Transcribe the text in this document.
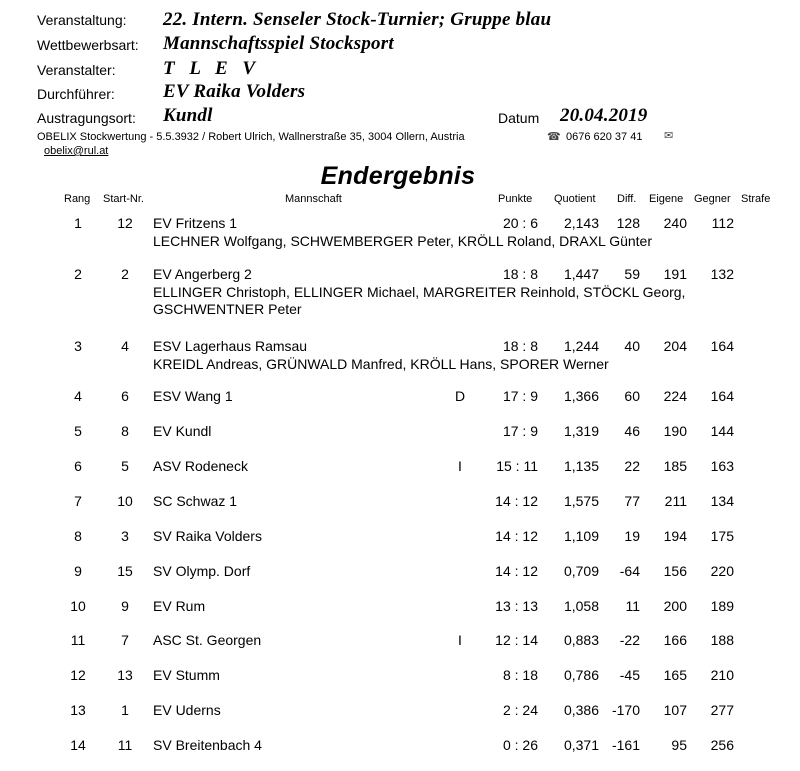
Veranstaltung: 22. Intern. Senseler Stock-Turnier; Gruppe blau
Wettbewerbsart: Mannschaftsspiel Stocksport
Veranstalter: T L E V
Durchführer:	EV Raika Volders
Austragungsort: Kundl	Datum 20.04.2019
OBELIX Stockwertung - 5.5.3932 / Robert Ulrich, Wallnerstraße 35, 3004 Ollern, Austria	☎ 0676 620 37 41 ✉
obelix@rul.at
Endergebnis
Rang Start-Nr.	Mannschaft	Punkte Quotient Diff. Eigene Gegner Strafe
1	12	EV Fritzens 1	20 : 6	2,143	128	240	112
LECHNER Wolfgang, SCHWEMBERGER Peter, KRÖLL Roland, DRAXL Günter
2	2	EV Angerberg 2	18 : 8	1,447	59	191	132
ELLINGER Christoph, ELLINGER Michael, MARGREITER Reinhold, STÖCKL Georg, GSCHWENTNER Peter
3	4	ESV Lagerhaus Ramsau	18 : 8	1,244	40	204	164
KREIDL Andreas, GRÜNWALD Manfred, KRÖLL Hans, SPORER Werner
4	6	ESV Wang 1	D	17 : 9	1,366	60	224	164
5	8	EV Kundl	17 : 9	1,319	46	190	144
6	5	ASV Rodeneck	I	15 : 11	1,135	22	185	163
7	10	SC Schwaz 1	14 : 12	1,575	77	211	134
8	3	SV Raika Volders	14 : 12	1,109	19	194	175
9	15	SV Olymp. Dorf	14 : 12	0,709	-64	156	220
10	9	EV Rum	13 : 13	1,058	11	200	189
11	7	ASC St. Georgen	I	12 : 14	0,883	-22	166	188
12	13	EV Stumm	8 : 18	0,786	-45	165	210
13	1	EV Uderns	2 : 24	0,386 -170	107	277
14	11	SV Breitenbach 4	0 : 26	0,371 -161	95	256
